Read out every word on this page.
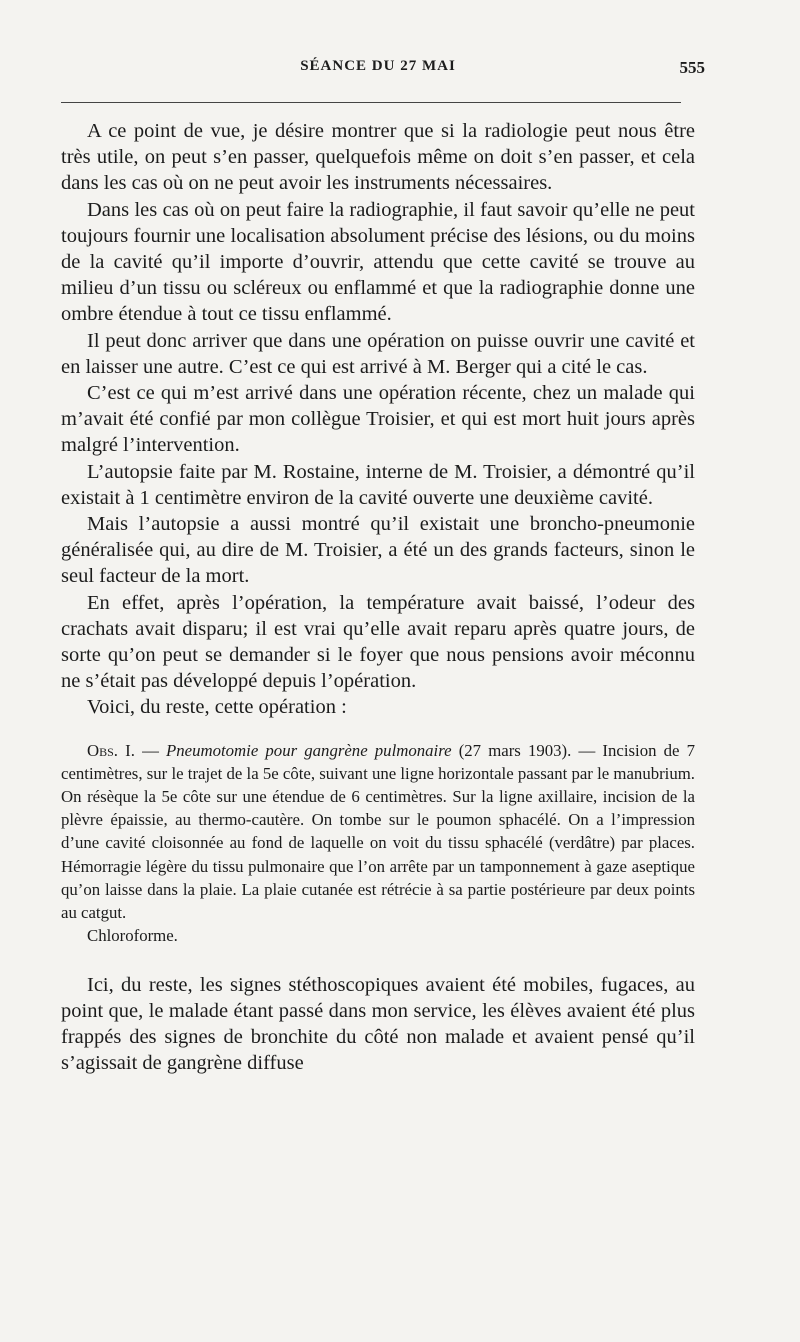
SÉANCE DU 27 MAI	555

A ce point de vue, je désire montrer que si la radiologie peut nous être très utile, on peut s’en passer, quelquefois même on doit s’en passer, et cela dans les cas où on ne peut avoir les instruments nécessaires.

Dans les cas où on peut faire la radiographie, il faut savoir qu’elle ne peut toujours fournir une localisation absolument précise des lésions, ou du moins de la cavité qu’il importe d’ouvrir, attendu que cette cavité se trouve au milieu d’un tissu ou scléreux ou enflammé et que la radiographie donne une ombre étendue à tout ce tissu enflammé.

Il peut donc arriver que dans une opération on puisse ouvrir une cavité et en laisser une autre. C’est ce qui est arrivé à M. Berger qui a cité le cas.

C’est ce qui m’est arrivé dans une opération récente, chez un malade qui m’avait été confié par mon collègue Troisier, et qui est mort huit jours après malgré l’intervention.

L’autopsie faite par M. Rostaine, interne de M. Troisier, a démontré qu’il existait à 1 centimètre environ de la cavité ouverte une deuxième cavité.

Mais l’autopsie a aussi montré qu’il existait une broncho-pneumonie généralisée qui, au dire de M. Troisier, a été un des grands facteurs, sinon le seul facteur de la mort.

En effet, après l’opération, la température avait baissé, l’odeur des crachats avait disparu; il est vrai qu’elle avait reparu après quatre jours, de sorte qu’on peut se demander si le foyer que nous pensions avoir méconnu ne s’était pas développé depuis l’opération.

Voici, du reste, cette opération :

Obs. I. — Pneumotomie pour gangrène pulmonaire (27 mars 1903). — Incision de 7 centimètres, sur le trajet de la 5e côte, suivant une ligne horizontale passant par le manubrium. On résèque la 5e côte sur une étendue de 6 centimètres. Sur la ligne axillaire, incision de la plèvre épaissie, au thermo-cautère. On tombe sur le poumon sphacélé. On a l’impression d’une cavité cloisonnée au fond de laquelle on voit du tissu sphacélé (verdâtre) par places. Hémorragie légère du tissu pulmonaire que l’on arrête par un tamponnement à gaze aseptique qu’on laisse dans la plaie. La plaie cutanée est rétrécie à sa partie postérieure par deux points au catgut.

Chloroforme.

Ici, du reste, les signes stéthoscopiques avaient été mobiles, fugaces, au point que, le malade étant passé dans mon service, les élèves avaient été plus frappés des signes de bronchite du côté non malade et avaient pensé qu’il s’agissait de gangrène diffuse
